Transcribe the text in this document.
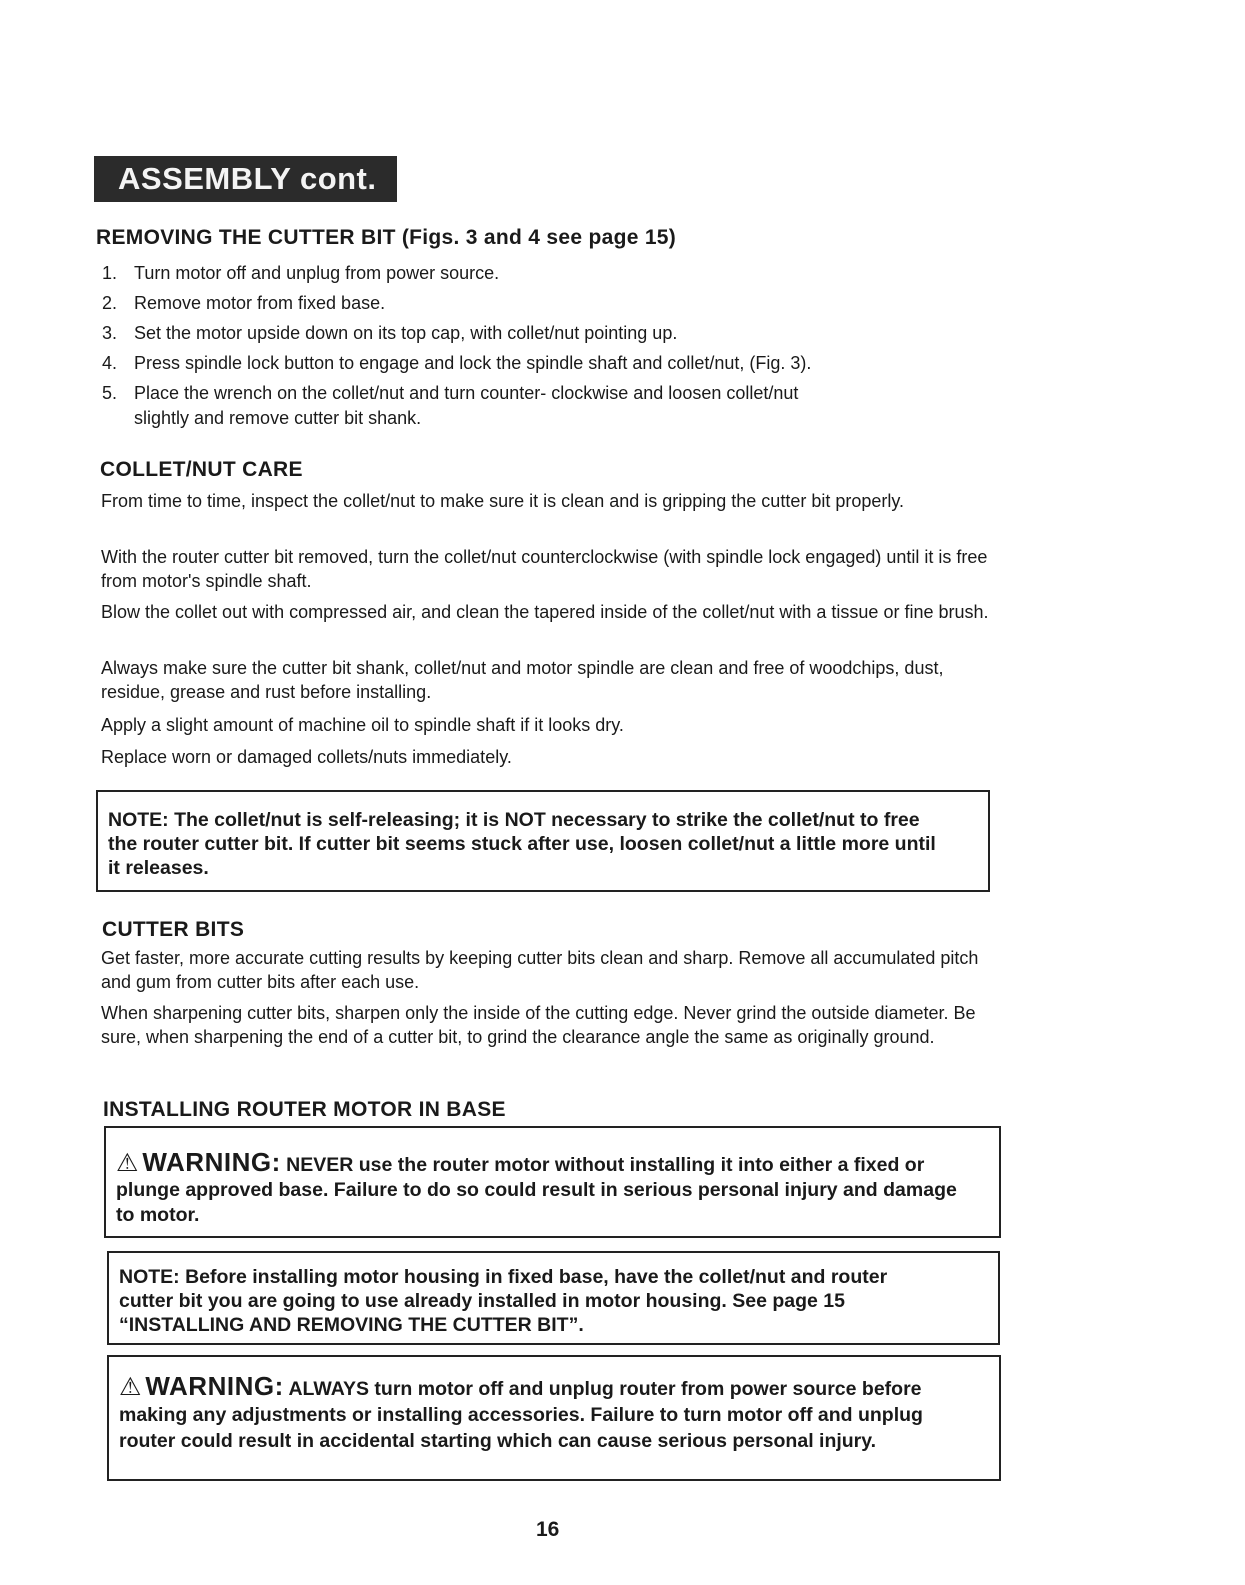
ASSEMBLY cont.
REMOVING THE CUTTER BIT (Figs. 3 and 4 see page 15)
1. Turn motor off and unplug from power source.
2. Remove motor from fixed base.
3. Set the motor upside down on its top cap, with collet/nut pointing up.
4. Press spindle lock button to engage and lock the spindle shaft and collet/nut, (Fig. 3).
5. Place the wrench on the collet/nut and turn counter- clockwise and loosen collet/nut
slightly and remove cutter bit shank.
COLLET/NUT CARE
From time to time, inspect the collet/nut to make sure it is clean and is gripping the cutter bit properly.
With the router cutter bit removed, turn the collet/nut counterclockwise (with spindle lock engaged) until it is free from motor's spindle shaft.
Blow the collet out with compressed air, and clean the tapered inside of the collet/nut with a tissue or fine brush.
Always make sure the cutter bit shank, collet/nut and motor spindle are clean and free of woodchips, dust, residue, grease and rust before installing.
Apply a slight amount of machine oil to spindle shaft if it looks dry.
Replace worn or damaged collets/nuts immediately.
NOTE: The collet/nut is self-releasing; it is NOT necessary to strike the collet/nut to free the router cutter bit. If cutter bit seems stuck after use, loosen collet/nut a little more until it releases.
CUTTER BITS
Get faster, more accurate cutting results by keeping cutter bits clean and sharp. Remove all accumulated pitch and gum from cutter bits after each use.
When sharpening cutter bits, sharpen only the inside of the cutting edge. Never grind the outside diameter. Be sure, when sharpening the end of a cutter bit, to grind the clearance angle the same as originally ground.
INSTALLING ROUTER MOTOR IN BASE
⚠ WARNING: NEVER use the router motor without installing it into either a fixed or plunge approved base. Failure to do so could result in serious personal injury and damage to motor.
NOTE: Before installing motor housing in fixed base, have the collet/nut and router cutter bit you are going to use already installed in motor housing. See page 15 “INSTALLING AND REMOVING THE CUTTER BIT”.
⚠ WARNING: ALWAYS turn motor off and unplug router from power source before making any adjustments or installing accessories. Failure to turn motor off and unplug router could result in accidental starting which can cause serious personal injury.
16
